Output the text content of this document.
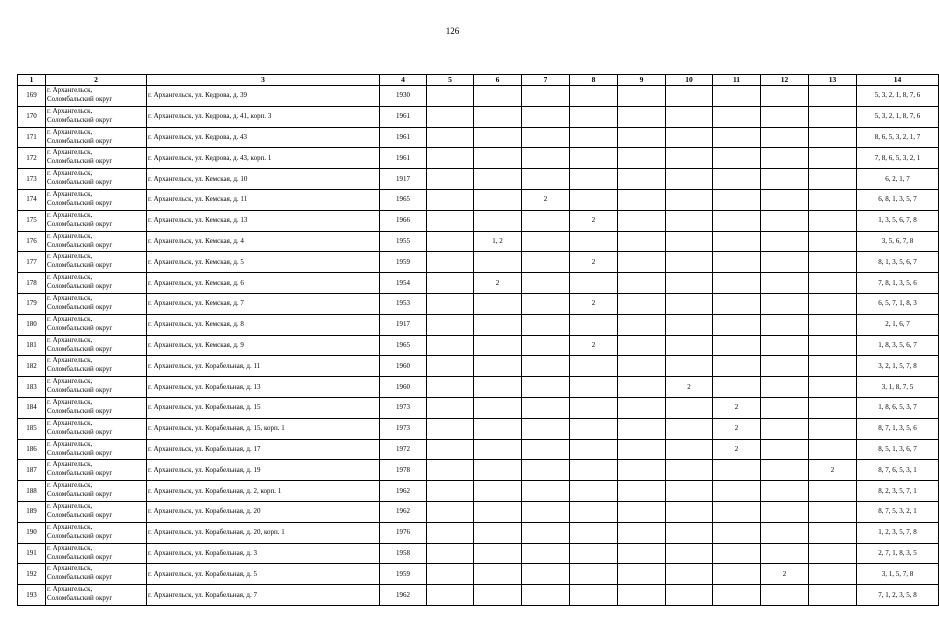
126
1	2	3	4	5	6	7	8	9	10	11	12	13	14
169	г. Архангельск,
Соломбальский округ	г. Архангельск, ул. Кедрова, д. 39	1930										5, 3, 2, 1, 8, 7, 6
170	г. Архангельск,
Соломбальский округ	г. Архангельск, ул. Кедрова, д. 41, корп. 3	1961										5, 3, 2, 1, 8, 7, 6
171	г. Архангельск,
Соломбальский округ	г. Архангельск, ул. Кедрова, д. 43	1961										8, 6, 5, 3, 2, 1, 7
172	г. Архангельск,
Соломбальский округ	г. Архангельск, ул. Кедрова, д. 43, корп. 1	1961										7, 8, 6, 5, 3, 2, 1
173	г. Архангельск,
Соломбальский округ	г. Архангельск, ул. Кемская, д. 10	1917										6, 2, 1, 7
174	г. Архангельск,
Соломбальский округ	г. Архангельск, ул. Кемская, д. 11	1965			2							6, 8, 1, 3, 5, 7
175	г. Архангельск,
Соломбальский округ	г. Архангельск, ул. Кемская, д. 13	1966				2						1, 3, 5, 6, 7, 8
176	г. Архангельск,
Соломбальский округ	г. Архангельск, ул. Кемская, д. 4	1955		1, 2								3, 5, 6, 7, 8
177	г. Архангельск,
Соломбальский округ	г. Архангельск, ул. Кемская, д. 5	1959				2						8, 1, 3, 5, 6, 7
178	г. Архангельск,
Соломбальский округ	г. Архангельск, ул. Кемская, д. 6	1954		2								7, 8, 1, 3, 5, 6
179	г. Архангельск,
Соломбальский округ	г. Архангельск, ул. Кемская, д. 7	1953				2						6, 5, 7, 1, 8, 3
180	г. Архангельск,
Соломбальский округ	г. Архангельск, ул. Кемская, д. 8	1917										2, 1, 6, 7
181	г. Архангельск,
Соломбальский округ	г. Архангельск, ул. Кемская, д. 9	1965				2						1, 8, 3, 5, 6, 7
182	г. Архангельск,
Соломбальский округ	г. Архангельск, ул. Корабельная, д. 11	1960										3, 2, 1, 5, 7, 8
183	г. Архангельск,
Соломбальский округ	г. Архангельск, ул. Корабельная, д. 13	1960						2				3, 1, 8, 7, 5
184	г. Архангельск,
Соломбальский округ	г. Архангельск, ул. Корабельная, д. 15	1973							2			1, 8, 6, 5, 3, 7
185	г. Архангельск,
Соломбальский округ	г. Архангельск, ул. Корабельная, д. 15, корп. 1	1973							2			8, 7, 1, 3, 5, 6
186	г. Архангельск,
Соломбальский округ	г. Архангельск, ул. Корабельная, д. 17	1972							2			8, 5, 1, 3, 6, 7
187	г. Архангельск,
Соломбальский округ	г. Архангельск, ул. Корабельная, д. 19	1978									2	8, 7, 6, 5, 3, 1
188	г. Архангельск,
Соломбальский округ	г. Архангельск, ул. Корабельная, д. 2, корп. 1	1962										8, 2, 3, 5, 7, 1
189	г. Архангельск,
Соломбальский округ	г. Архангельск, ул. Корабельная, д. 20	1962										8, 7, 5, 3, 2, 1
190	г. Архангельск,
Соломбальский округ	г. Архангельск, ул. Корабельная, д. 20, корп. 1	1976										1, 2, 3, 5, 7, 8
191	г. Архангельск,
Соломбальский округ	г. Архангельск, ул. Корабельная, д. 3	1958										2, 7, 1, 8, 3, 5
192	г. Архангельск,
Соломбальский округ	г. Архангельск, ул. Корабельная, д. 5	1959								2		3, 1, 5, 7, 8
193	г. Архангельск,
Соломбальский округ	г. Архангельск, ул. Корабельная, д. 7	1962										7, 1, 2, 3, 5, 8
